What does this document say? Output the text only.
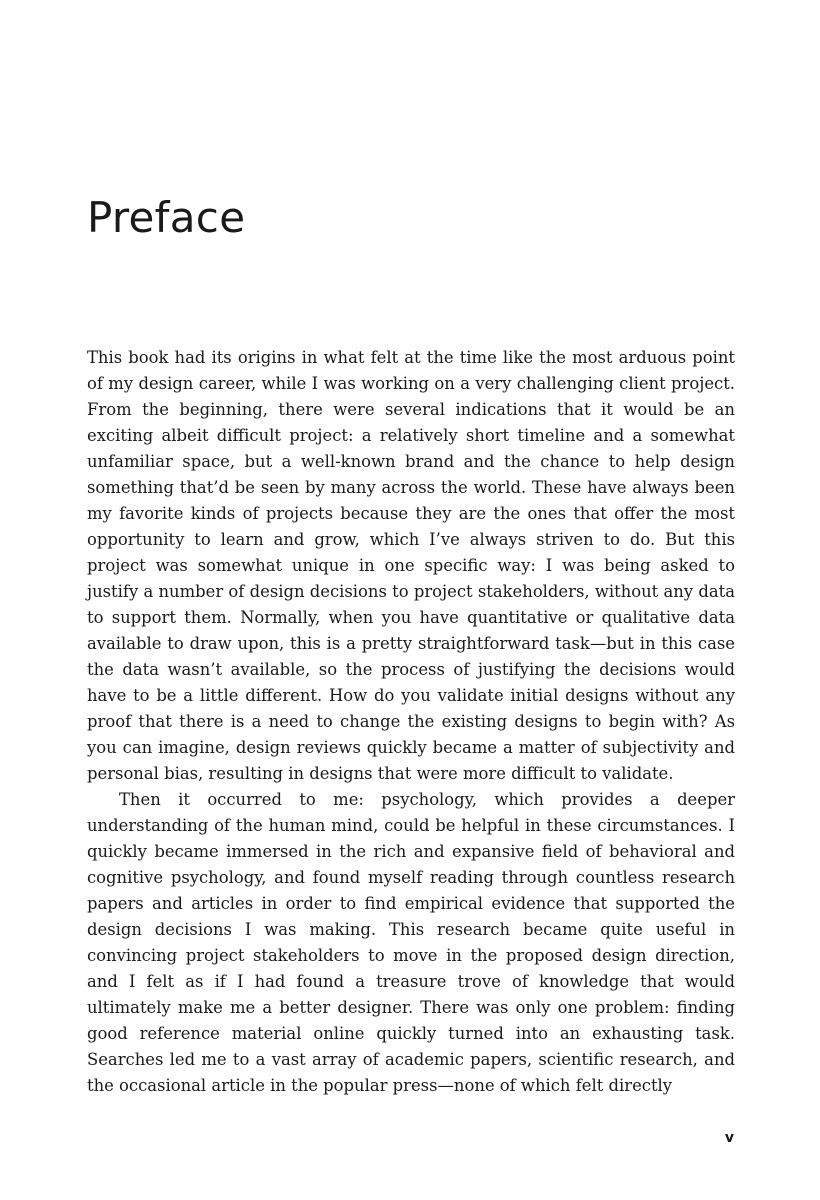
Preface

This book had its origins in what felt at the time like the most arduous point of my design career, while I was working on a very challenging client project. From the beginning, there were several indications that it would be an exciting albeit difficult project: a relatively short timeline and a somewhat unfamiliar space, but a well-known brand and the chance to help design something that’d be seen by many across the world. These have always been my favorite kinds of projects because they are the ones that offer the most opportunity to learn and grow, which I’ve always striven to do. But this project was somewhat unique in one specific way: I was being asked to justify a number of design decisions to project stakeholders, without any data to support them. Normally, when you have quantitative or qualitative data available to draw upon, this is a pretty straightforward task—but in this case the data wasn’t available, so the process of justifying the decisions would have to be a little different. How do you validate initial designs without any proof that there is a need to change the existing designs to begin with? As you can imagine, design reviews quickly became a matter of subjectivity and personal bias, resulting in designs that were more difficult to validate.

Then it occurred to me: psychology, which provides a deeper understanding of the human mind, could be helpful in these circumstances. I quickly became immersed in the rich and expansive field of behavioral and cognitive psychology, and found myself reading through countless research papers and articles in order to find empirical evidence that supported the design decisions I was making. This research became quite useful in convincing project stakeholders to move in the proposed design direction, and I felt as if I had found a treasure trove of knowledge that would ultimately make me a better designer. There was only one problem: finding good reference material online quickly turned into an exhausting task. Searches led me to a vast array of academic papers, scientific research, and the occasional article in the popular press—none of which felt directly

v
